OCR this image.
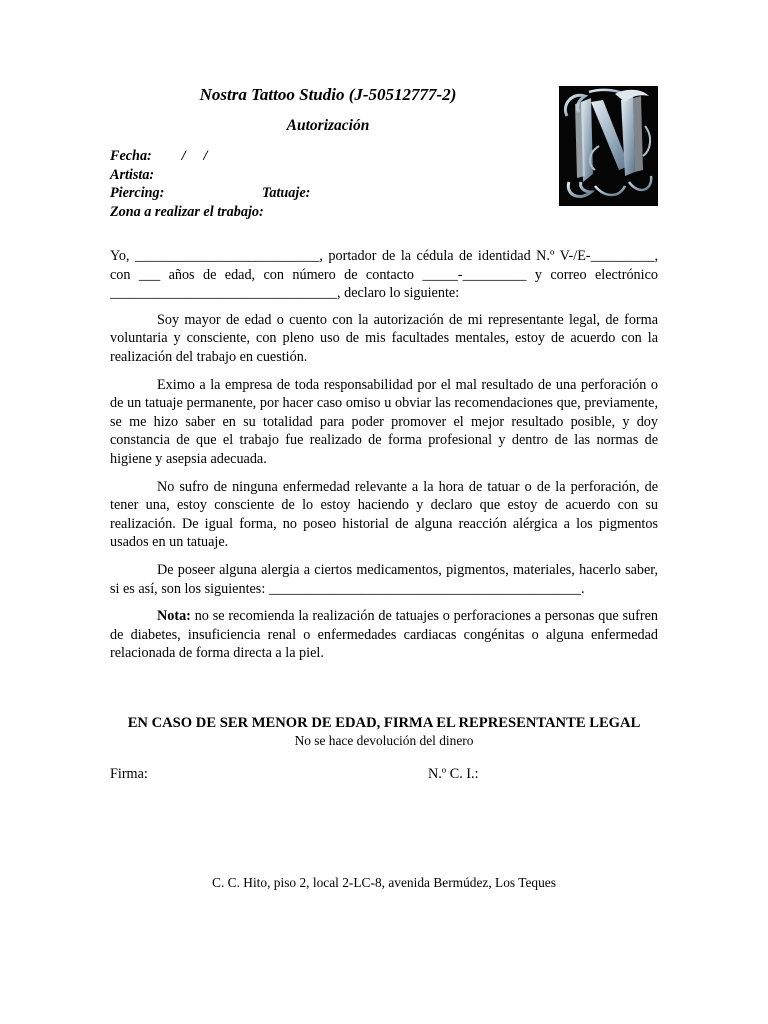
Nostra Tattoo Studio (J-50512777-2)
Autorización
Fecha: /     /
Artista:
Piercing:	Tatuaje:
Zona a realizar el trabajo:

Yo, __________________________, portador de la cédula de identidad N.º V-/E-_________, con ___ años de edad, con número de contacto _____-_________ y correo electrónico ________________________________, declaro lo siguiente:

Soy mayor de edad o cuento con la autorización de mi representante legal, de forma voluntaria y consciente, con pleno uso de mis facultades mentales, estoy de acuerdo con la realización del trabajo en cuestión.

Eximo a la empresa de toda responsabilidad por el mal resultado de una perforación o de un tatuaje permanente, por hacer caso omiso u obviar las recomendaciones que, previamente, se me hizo saber en su totalidad para poder promover el mejor resultado posible, y doy constancia de que el trabajo fue realizado de forma profesional y dentro de las normas de higiene y asepsia adecuada.

No sufro de ninguna enfermedad relevante a la hora de tatuar o de la perforación, de tener una, estoy consciente de lo estoy haciendo y declaro que estoy de acuerdo con su realización. De igual forma, no poseo historial de alguna reacción alérgica a los pigmentos usados en un tatuaje.

De poseer alguna alergia a ciertos medicamentos, pigmentos, materiales, hacerlo saber, si es así, son los siguientes: ____________________________________________.

Nota: no se recomienda la realización de tatuajes o perforaciones a personas que sufren de diabetes, insuficiencia renal o enfermedades cardiacas congénitas o alguna enfermedad relacionada de forma directa a la piel.

EN CASO DE SER MENOR DE EDAD, FIRMA EL REPRESENTANTE LEGAL
No se hace devolución del dinero
Firma:	N.º C. I.:
C. C. Hito, piso 2, local 2-LC-8, avenida Bermúdez, Los Teques
